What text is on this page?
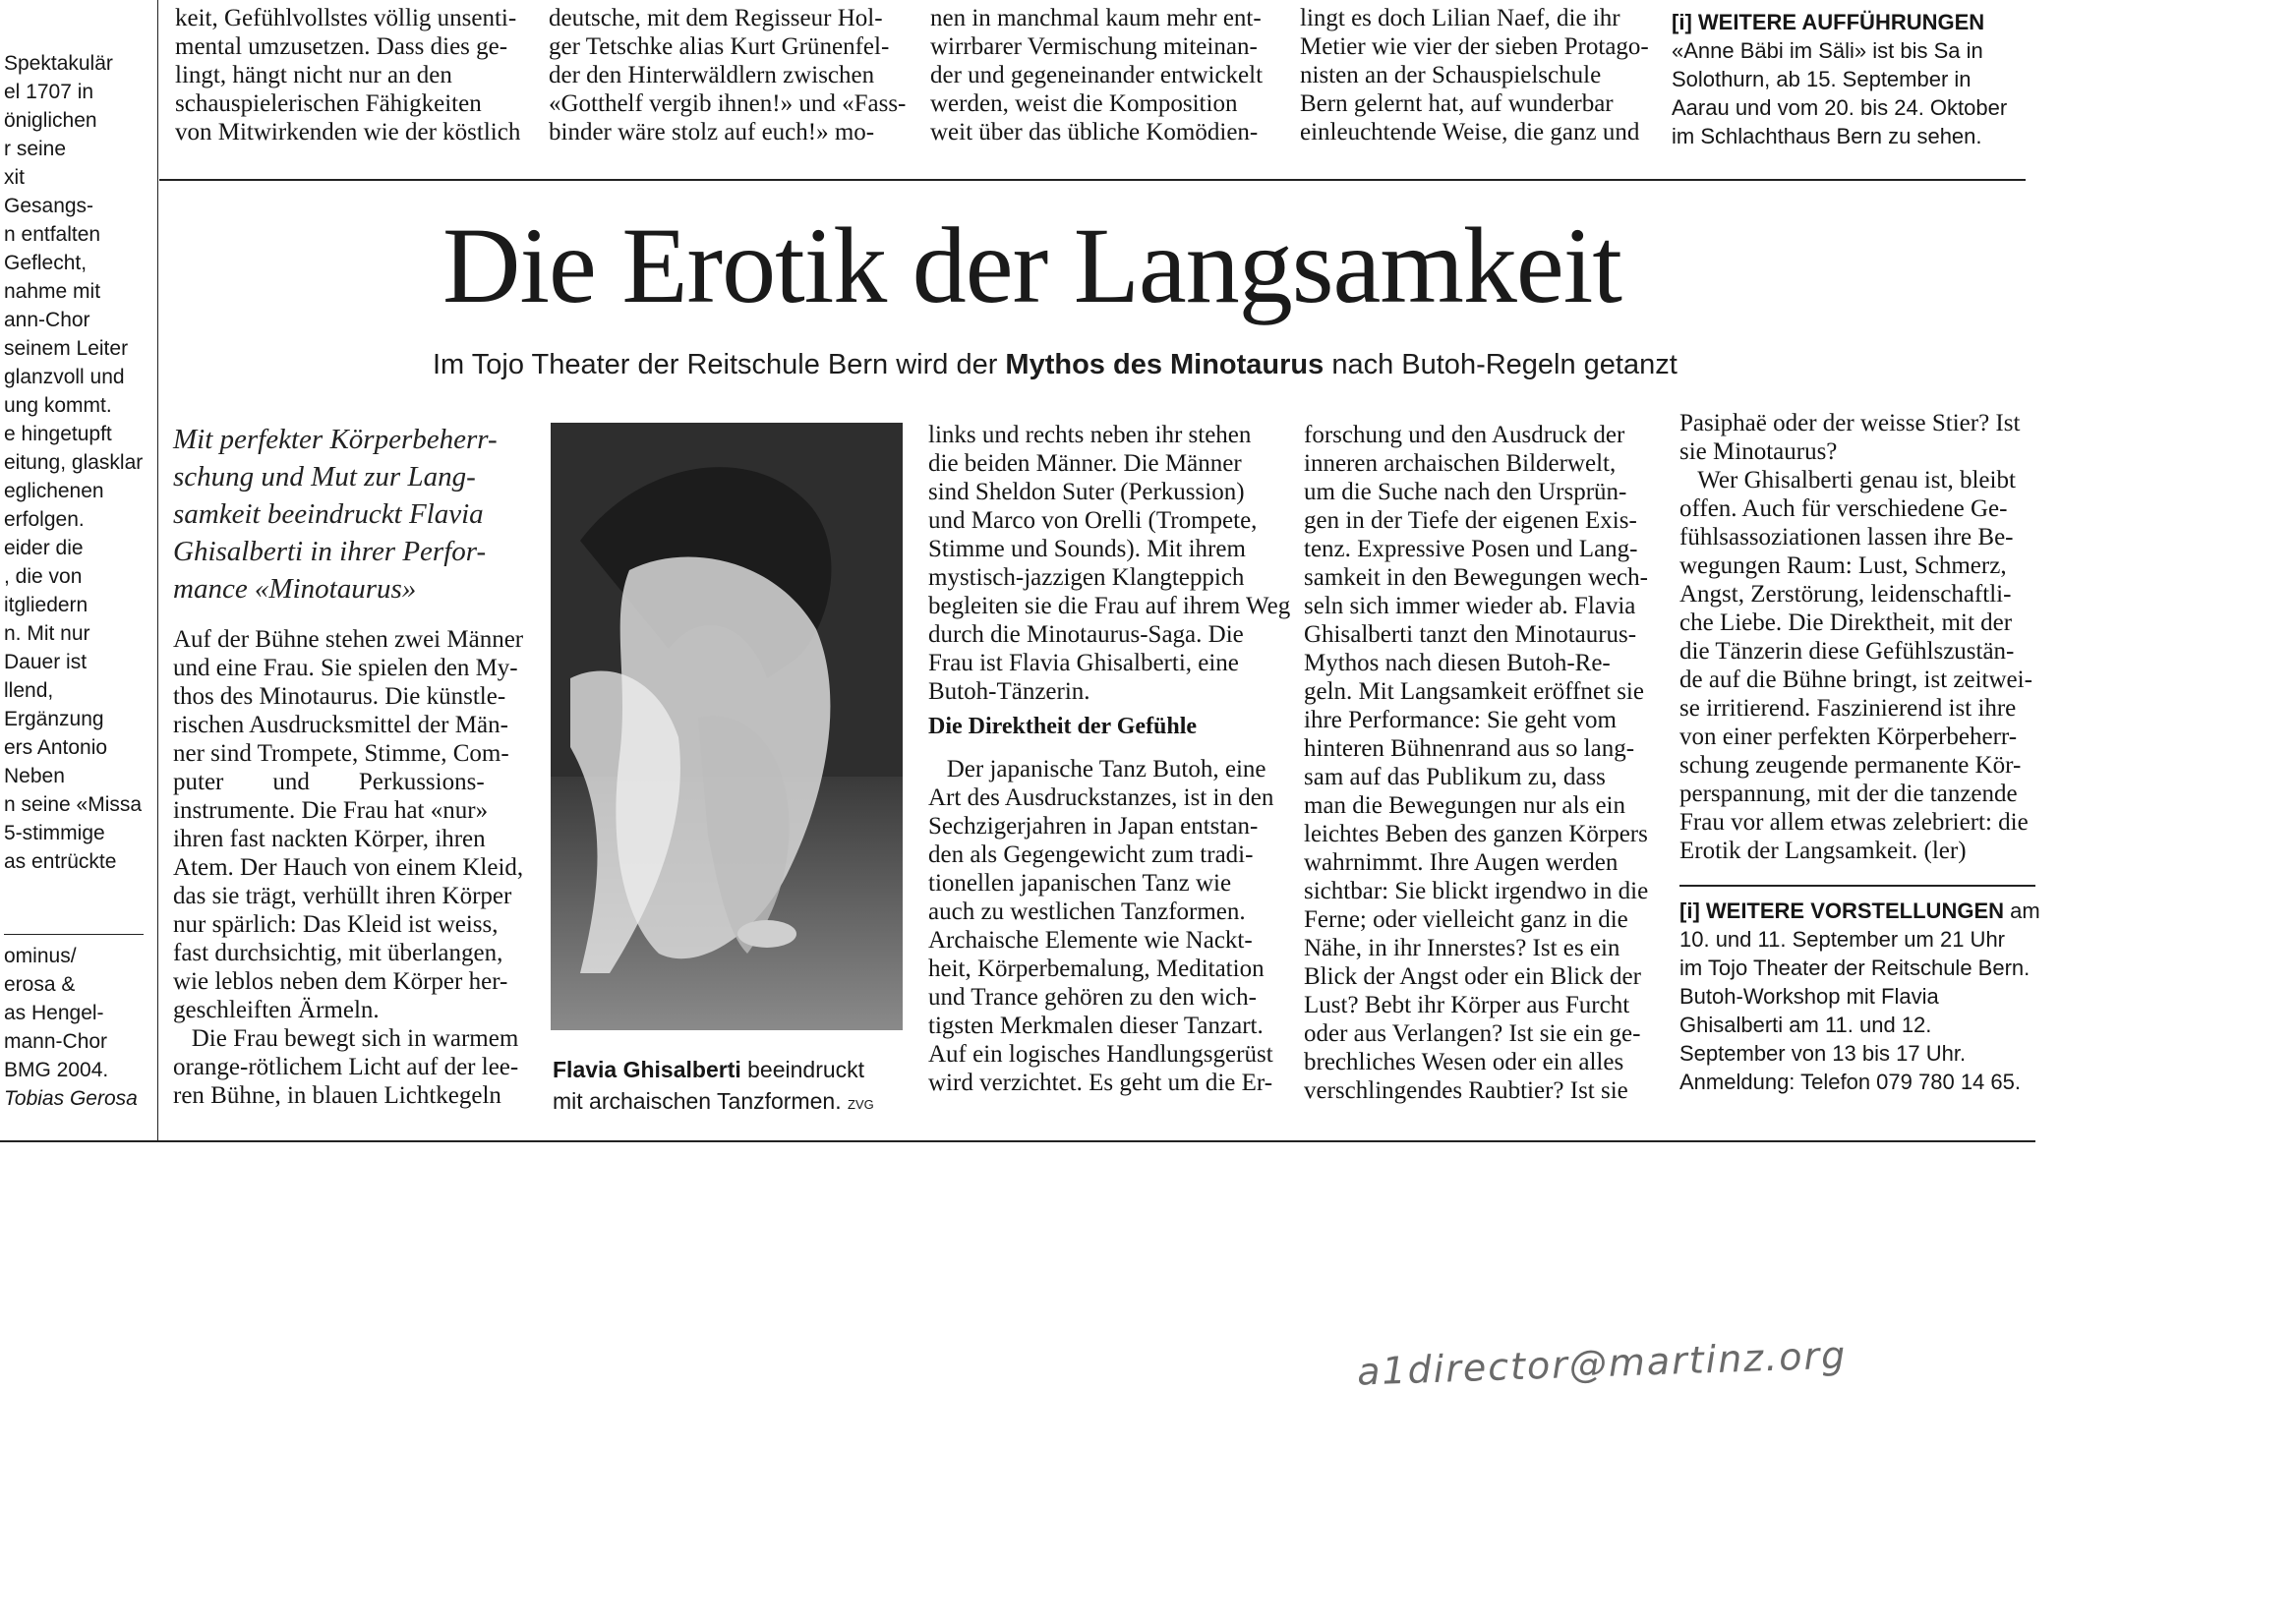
Spektakulär

el 1707 in

öniglichen

r seine

xit

Gesangs-

n entfalten

Geflecht,

nahme mit

ann-Chor

seinem Leiter

glanzvoll und

ung kommt.

e hingetupft

eitung, glasklar

eglichenen

erfolgen.

eider die

, die von

itgliedern

n. Mit nur

Dauer ist

llend,

Ergänzung

ers Antonio

Neben

n seine «Missa

5-stimmige

as entrückte

ominus/

erosa &

as Hengel-

mann-Chor

BMG 2004.

Tobias Gerosa

keit, Gefühlvollstes völlig unsenti-

mental umzusetzen. Dass dies ge-

lingt, hängt nicht nur an den

schauspielerischen Fähigkeiten

von Mitwirkenden wie der köstlich

deutsche, mit dem Regisseur Hol-

ger Tetschke alias Kurt Grünenfel-

der den Hinterwäldlern zwischen

«Gotthelf vergib ihnen!» und «Fass-

binder wäre stolz auf euch!» mo-

nen in manchmal kaum mehr ent-

wirrbarer Vermischung miteinan-

der und gegeneinander entwickelt

werden, weist die Komposition

weit über das übliche Komödien-

lingt es doch Lilian Naef, die ihr

Metier wie vier der sieben Protago-

nisten an der Schauspielschule

Bern gelernt hat, auf wunderbar

einleuchtende Weise, die ganz und

[i] WEITERE AUFFÜHRUNGEN

«Anne Bäbi im Säli» ist bis Sa in

Solothurn, ab 15. September in

Aarau und vom 20. bis 24. Oktober

im Schlachthaus Bern zu sehen.

Die Erotik der Langsamkeit
Im Tojo Theater der Reitschule Bern wird der Mythos des Minotaurus nach Butoh-Regeln getanzt

Mit perfekter Körperbeherr-

schung und Mut zur Lang-

samkeit beeindruckt Flavia

Ghisalberti in ihrer Perfor-

mance «Minotaurus»

Auf der Bühne stehen zwei Männer

und eine Frau. Sie spielen den My-

thos des Minotaurus. Die künstle-

rischen Ausdrucksmittel der Män-

ner sind Trompete, Stimme, Com-

puter        und        Perkussions-

instrumente. Die Frau hat «nur»

ihren fast nackten Körper, ihren

Atem. Der Hauch von einem Kleid,

das sie trägt, verhüllt ihren Körper

nur spärlich: Das Kleid ist weiss,

fast durchsichtig, mit überlangen,

wie leblos neben dem Körper her-

geschleiften Ärmeln.

Die Frau bewegt sich in warmem

orange-rötlichem Licht auf der lee-

ren Bühne, in blauen Lichtkegeln

Flavia Ghisalberti beeindruckt
mit archaischen Tanzformen. ZVG

links und rechts neben ihr stehen

die beiden Männer. Die Männer

sind Sheldon Suter (Perkussion)

und Marco von Orelli (Trompete,

Stimme und Sounds). Mit ihrem

mystisch-jazzigen Klangteppich

begleiten sie die Frau auf ihrem Weg

durch die Minotaurus-Saga. Die

Frau ist Flavia Ghisalberti, eine

Butoh-Tänzerin.

Die Direktheit der Gefühle

Der japanische Tanz Butoh, eine

Art des Ausdruckstanzes, ist in den

Sechzigerjahren in Japan entstan-

den als Gegengewicht zum tradi-

tionellen japanischen Tanz wie

auch zu westlichen Tanzformen.

Archaische Elemente wie Nackt-

heit, Körperbemalung, Meditation

und Trance gehören zu den wich-

tigsten Merkmalen dieser Tanzart.

Auf ein logisches Handlungsgerüst

wird verzichtet. Es geht um die Er-

forschung und den Ausdruck der

inneren archaischen Bilderwelt,

um die Suche nach den Ursprün-

gen in der Tiefe der eigenen Exis-

tenz. Expressive Posen und Lang-

samkeit in den Bewegungen wech-

seln sich immer wieder ab. Flavia

Ghisalberti tanzt den Minotaurus-

Mythos nach diesen Butoh-Re-

geln. Mit Langsamkeit eröffnet sie

ihre Performance: Sie geht vom

hinteren Bühnenrand aus so lang-

sam auf das Publikum zu, dass

man die Bewegungen nur als ein

leichtes Beben des ganzen Körpers

wahrnimmt. Ihre Augen werden

sichtbar: Sie blickt irgendwo in die

Ferne; oder vielleicht ganz in die

Nähe, in ihr Innerstes? Ist es ein

Blick der Angst oder ein Blick der

Lust? Bebt ihr Körper aus Furcht

oder aus Verlangen? Ist sie ein ge-

brechliches Wesen oder ein alles

verschlingendes Raubtier? Ist sie

Pasiphaë oder der weisse Stier? Ist

sie Minotaurus?

Wer Ghisalberti genau ist, bleibt

offen. Auch für verschiedene Ge-

fühlsassoziationen lassen ihre Be-

wegungen Raum: Lust, Schmerz,

Angst, Zerstörung, leidenschaftli-

che Liebe. Die Direktheit, mit der

die Tänzerin diese Gefühlszustän-

de auf die Bühne bringt, ist zeitwei-

se irritierend. Faszinierend ist ihre

von einer perfekten Körperbeherr-

schung zeugende permanente Kör-

perspannung, mit der die tanzende

Frau vor allem etwas zelebriert: die

Erotik der Langsamkeit. (ler)

[i] WEITERE VORSTELLUNGEN am

10. und 11. September um 21 Uhr

im Tojo Theater der Reitschule Bern.

Butoh-Workshop mit Flavia

Ghisalberti am 11. und 12.

September von 13 bis 17 Uhr.

Anmeldung: Telefon 079 780 14 65.

a1director@martinz.org
